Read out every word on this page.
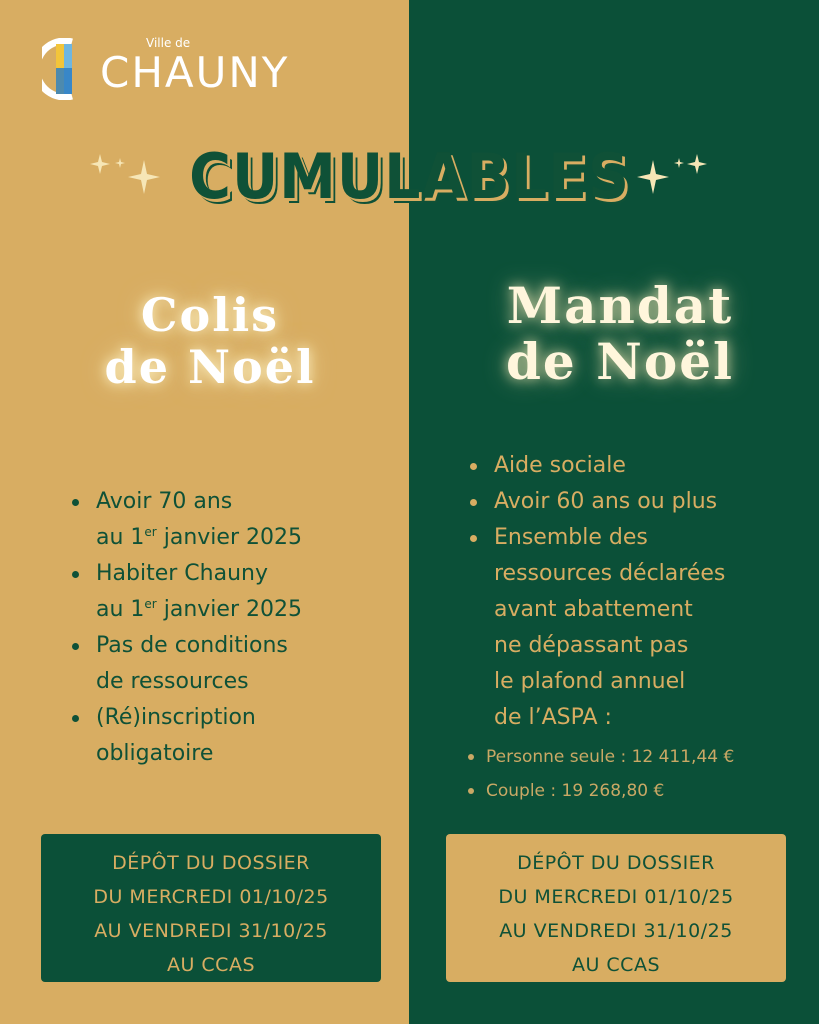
Ville de
CHAUNY
CUMULABLES
Colis
de Noël
Mandat
de Noël
Avoir 70 ans
au 1er janvier 2025
Habiter Chauny
au 1er janvier 2025
Pas de conditions
de ressources
(Ré)inscription
obligatoire
Aide sociale
Avoir 60 ans ou plus
Ensemble des
ressources déclarées
avant abattement
ne dépassant pas
le plafond annuel
de l’ASPA :
Personne seule : 12 411,44 €
Couple : 19 268,80 €
DÉPÔT DU DOSSIER
DU MERCREDI 01/10/25
AU VENDREDI 31/10/25
AU CCAS
DÉPÔT DU DOSSIER
DU MERCREDI 01/10/25
AU VENDREDI 31/10/25
AU CCAS
